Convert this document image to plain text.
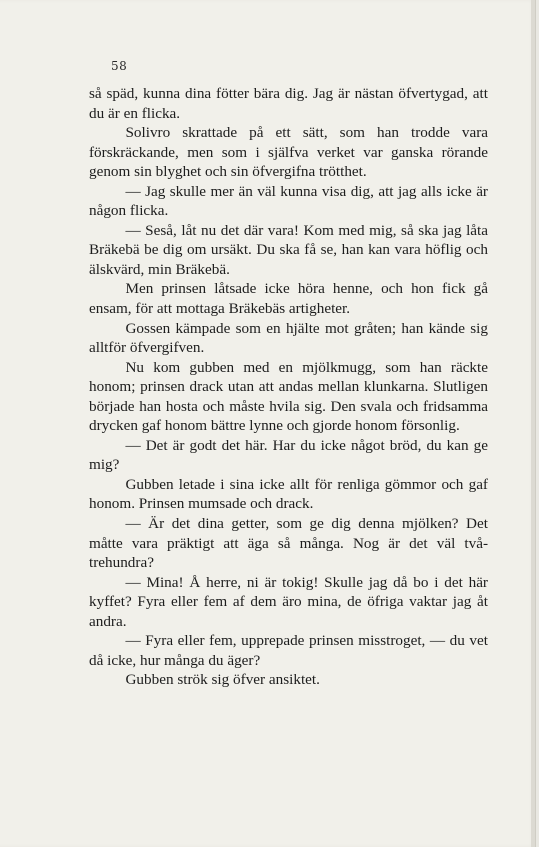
58

så späd, kunna dina fötter bära dig. Jag är nästan öfvertygad, att du är en flicka.

Solivro skrattade på ett sätt, som han trodde vara förskräckande, men som i själfva verket var ganska rörande genom sin blyghet och sin öfvergifna trötthet.

— Jag skulle mer än väl kunna visa dig, att jag alls icke är någon flicka.

— Seså, låt nu det där vara! Kom med mig, så ska jag låta Bräkebä be dig om ursäkt. Du ska få se, han kan vara höflig och älskvärd, min Bräkebä.

Men prinsen låtsade icke höra henne, och hon fick gå ensam, för att mottaga Bräkebäs artigheter.

Gossen kämpade som en hjälte mot gråten; han kände sig alltför öfvergifven.

Nu kom gubben med en mjölkmugg, som han räckte honom; prinsen drack utan att andas mellan klunkarna. Slutligen började han hosta och måste hvila sig. Den svala och fridsamma drycken gaf honom bättre lynne och gjorde honom försonlig.

— Det är godt det här. Har du icke något bröd, du kan ge mig?

Gubben letade i sina icke allt för renliga gömmor och gaf honom. Prinsen mumsade och drack.

— Är det dina getter, som ge dig denna mjölken? Det måtte vara präktigt att äga så många. Nog är det väl två-trehundra?

— Mina! Å herre, ni är tokig! Skulle jag då bo i det här kyffet? Fyra eller fem af dem äro mina, de öfriga vaktar jag åt andra.

— Fyra eller fem, upprepade prinsen misstroget, — du vet då icke, hur många du äger?

Gubben strök sig öfver ansiktet.
